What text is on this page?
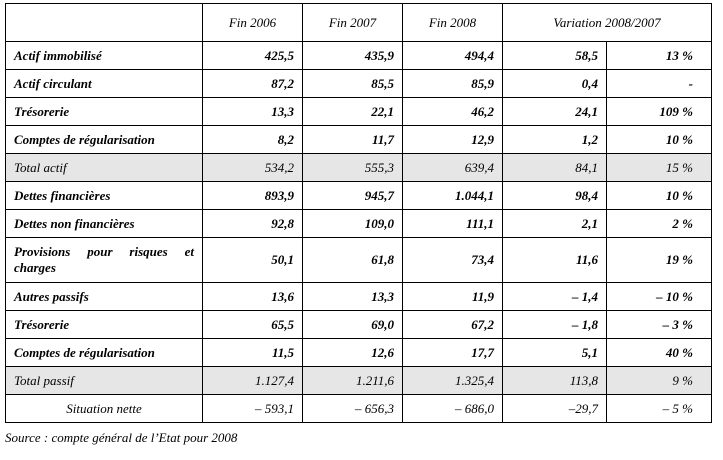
	Fin 2006	Fin 2007	Fin 2008	Variation 2008/2007	
Actif immobilisé	425,5	435,9	494,4	58,5	13 %
Actif circulant	87,2	85,5	85,9	0,4	-
Trésorerie	13,3	22,1	46,2	24,1	109 %
Comptes de régularisation	8,2	11,7	12,9	1,2	10 %
Total actif	534,2	555,3	639,4	84,1	15 %
Dettes financières	893,9	945,7	1.044,1	98,4	10 %
Dettes non financières	92,8	109,0	111,1	2,1	2 %
Provisions pour risques et charges	50,1	61,8	73,4	11,6	19 %
Autres passifs	13,6	13,3	11,9	– 1,4	– 10 %
Trésorerie	65,5	69,0	67,2	– 1,8	– 3 %
Comptes de régularisation	11,5	12,6	17,7	5,1	40 %
Total passif	1.127,4	1.211,6	1.325,4	113,8	9 %
Situation nette	– 593,1	– 656,3	– 686,0	–29,7	– 5 %
Source : compte général de l’Etat pour 2008
